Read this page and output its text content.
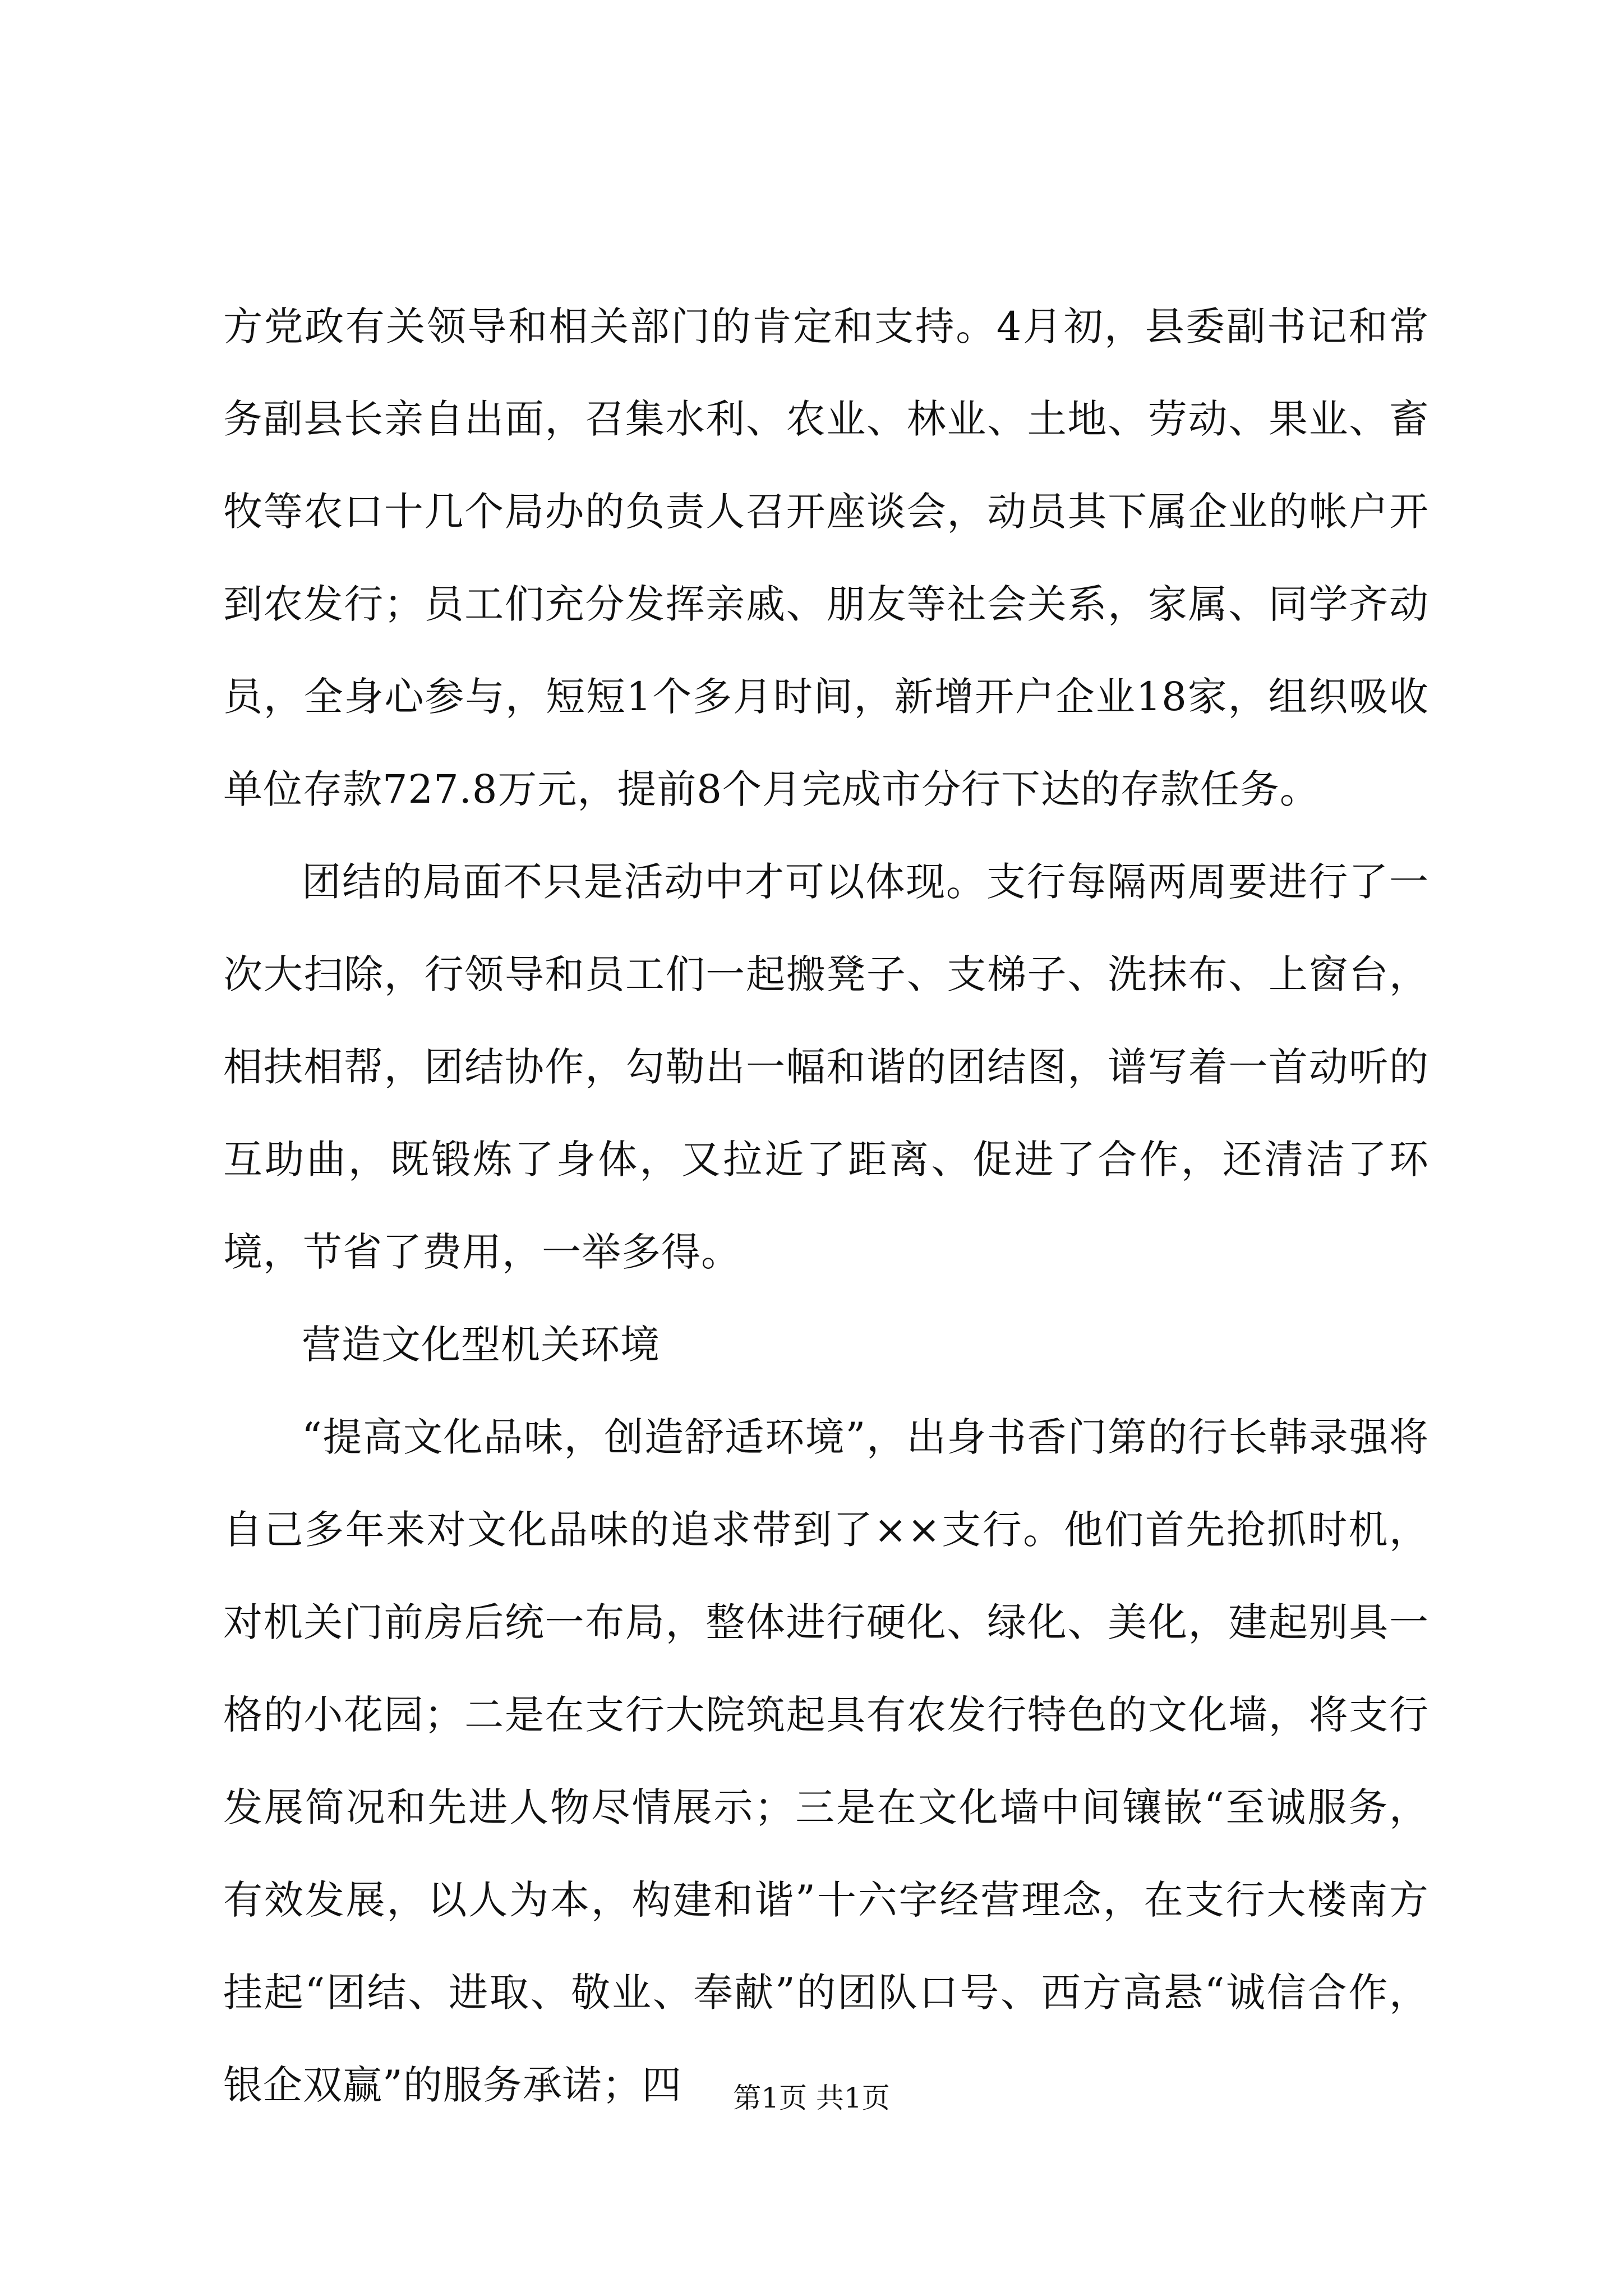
方党政有关领导和相关部门的肯定和支持。4月初，县委副书记和常务副县长亲自出面，召集水利、农业、林业、土地、劳动、果业、畜牧等农口十几个局办的负责人召开座谈会，动员其下属企业的帐户开到农发行；员工们充分发挥亲戚、朋友等社会关系，家属、同学齐动员，全身心参与，短短1个多月时间，新增开户企业18家，组织吸收单位存款727.8万元，提前8个月完成市分行下达的存款任务。

团结的局面不只是活动中才可以体现。支行每隔两周要进行了一次大扫除，行领导和员工们一起搬凳子、支梯子、洗抹布、上窗台，相扶相帮，团结协作，勾勒出一幅和谐的团结图，谱写着一首动听的互助曲，既锻炼了身体，又拉近了距离、促进了合作，还清洁了环境，节省了费用，一举多得。

营造文化型机关环境

“提高文化品味，创造舒适环境”，出身书香门第的行长韩录强将自己多年来对文化品味的追求带到了××支行。他们首先抢抓时机，对机关门前房后统一布局，整体进行硬化、绿化、美化，建起别具一格的小花园；二是在支行大院筑起具有农发行特色的文化墙，将支行发展简况和先进人物尽情展示；三是在文化墙中间镶嵌“至诚服务，有效发展，以人为本，构建和谐”十六字经营理念，在支行大楼南方挂起“团结、进取、敬业、奉献”的团队口号、西方高悬“诚信合作，银企双赢”的服务承诺；四	第1页 共1页
